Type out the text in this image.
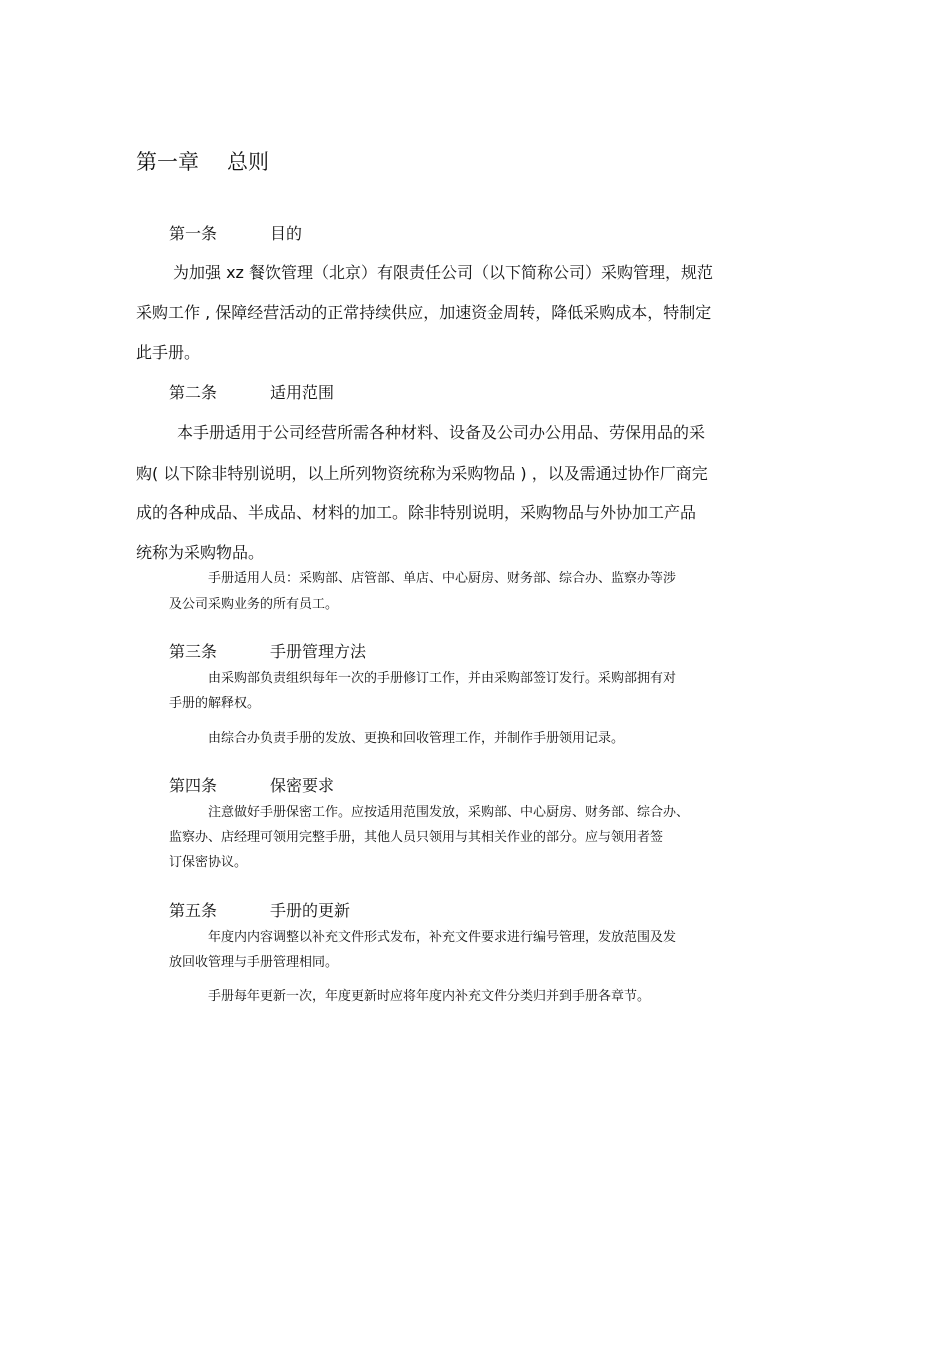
第一章 总则
第一条	目的
为加强 xz 餐饮管理（北京）有限责任公司（以下简称公司）采购管理，规范
采购工作 , 保障经营活动的正常持续供应，加速资金周转，降低采购成本，特制定
此手册。
第二条	适用范围
本手册适用于公司经营所需各种材料、设备及公司办公用品、劳保用品的采
购( 以下除非特别说明，以上所列物资统称为采购物品 ) ，以及需通过协作厂商完
成的各种成品、半成品、材料的加工。除非特别说明，采购物品与外协加工产品
统称为采购物品。
手册适用人员：采购部、店管部、单店、中心厨房、财务部、综合办、监察办等涉
及公司采购业务的所有员工。
第三条	手册管理方法
由采购部负责组织每年一次的手册修订工作，并由采购部签订发行。采购部拥有对
手册的解释权。
由综合办负责手册的发放、更换和回收管理工作，并制作手册领用记录。
第四条	保密要求
注意做好手册保密工作。应按适用范围发放，采购部、中心厨房、财务部、综合办、
监察办、店经理可领用完整手册，其他人员只领用与其相关作业的部分。应与领用者签
订保密协议。
第五条	手册的更新
年度内内容调整以补充文件形式发布，补充文件要求进行编号管理，发放范围及发
放回收管理与手册管理相同。
手册每年更新一次，年度更新时应将年度内补充文件分类归并到手册各章节。
